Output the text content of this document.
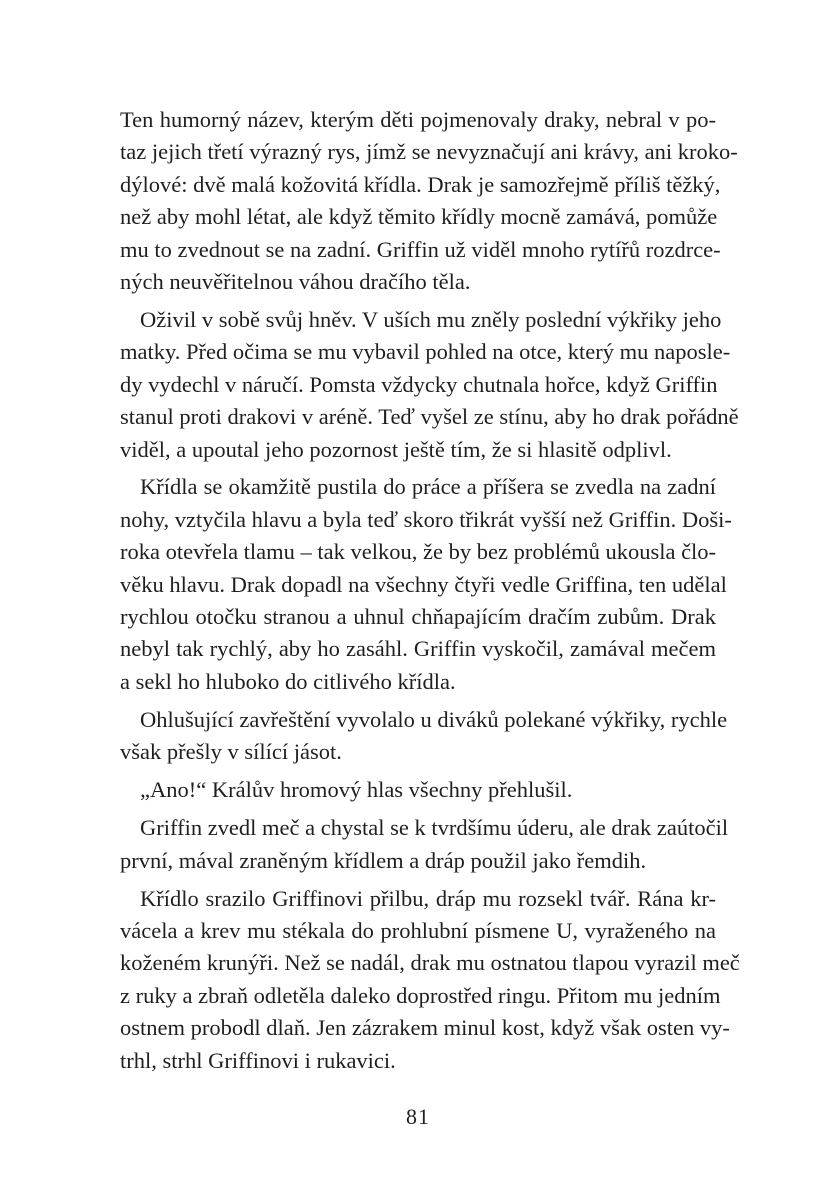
Ten humorný název, kterým děti pojmenovaly draky, nebral v po-
taz jejich třetí výrazný rys, jímž se nevyznačují ani krávy, ani kroko-
dýlové: dvě malá kožovitá křídla. Drak je samozřejmě příliš těžký,
než aby mohl létat, ale když těmito křídly mocně zamává, pomůže
mu to zvednout se na zadní. Griffin už viděl mnoho rytířů rozdrce-
ných neuvěřitelnou váhou dračího těla.
Oživil v sobě svůj hněv. V uších mu zněly poslední výkřiky jeho
matky. Před očima se mu vybavil pohled na otce, který mu naposle-
dy vydechl v náručí. Pomsta vždycky chutnala hořce, když Griffin
stanul proti drakovi v aréně. Teď vyšel ze stínu, aby ho drak pořádně
viděl, a upoutal jeho pozornost ještě tím, že si hlasitě odplivl.
Křídla se okamžitě pustila do práce a příšera se zvedla na zadní
nohy, vztyčila hlavu a byla teď skoro třikrát vyšší než Griffin. Doši-
roka otevřela tlamu – tak velkou, že by bez problémů ukousla člo-
věku hlavu. Drak dopadl na všechny čtyři vedle Griffina, ten udělal
rychlou otočku stranou a uhnul chňapajícím dračím zubům. Drak
nebyl tak rychlý, aby ho zasáhl. Griffin vyskočil, zamával mečem
a sekl ho hluboko do citlivého křídla.
Ohlušující zavřeštění vyvolalo u diváků polekané výkřiky, rychle
však přešly v sílící jásot.
„Ano!“ Králův hromový hlas všechny přehlušil.
Griffin zvedl meč a chystal se k tvrdšímu úderu, ale drak zaútočil
první, mával zraněným křídlem a dráp použil jako řemdih.
Křídlo srazilo Griffinovi přilbu, dráp mu rozsekl tvář. Rána kr-
vácela a krev mu stékala do prohlubní písmene U, vyraženého na
koženém krunýři. Než se nadál, drak mu ostnatou tlapou vyrazil meč
z ruky a zbraň odletěla daleko doprostřed ringu. Přitom mu jedním
ostnem probodl dlaň. Jen zázrakem minul kost, když však osten vy-
trhl, strhl Griffinovi i rukavici.
81
